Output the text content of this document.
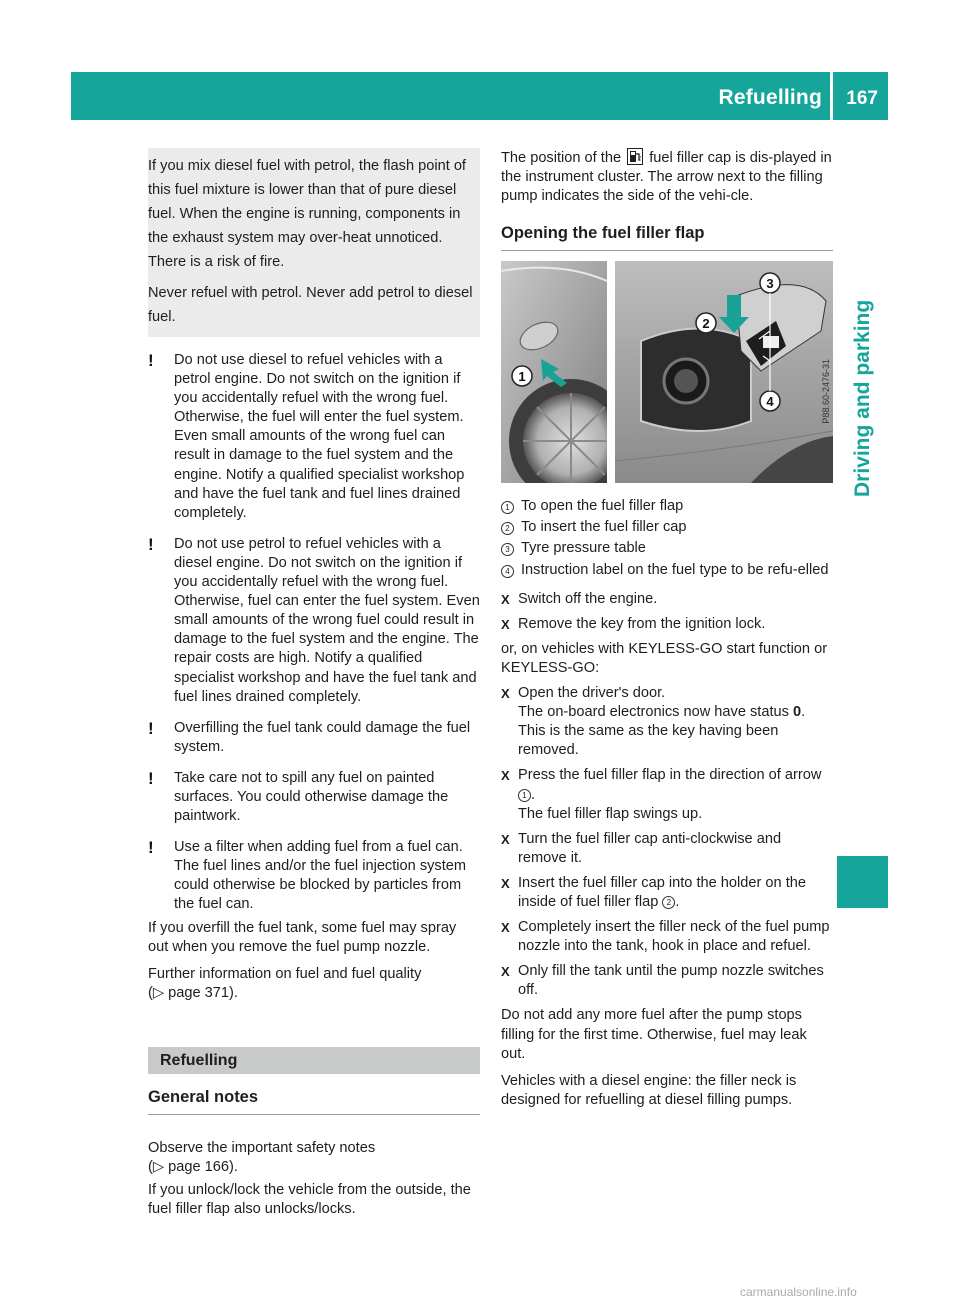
Refuelling 167
Driving and parking

If you mix diesel fuel with petrol, the flash point of this fuel mixture is lower than that of pure diesel fuel. When the engine is running, components in the exhaust system may over-heat unnoticed. There is a risk of fire.

Never refuel with petrol. Never add petrol to diesel fuel.

!	Do not use diesel to refuel vehicles with a petrol engine. Do not switch on the ignition if you accidentally refuel with the wrong fuel. Otherwise, the fuel will enter the fuel system. Even small amounts of the wrong fuel can result in damage to the fuel system and the engine. Notify a qualified specialist workshop and have the fuel tank and fuel lines drained completely.
!	Do not use petrol to refuel vehicles with a diesel engine. Do not switch on the ignition if you accidentally refuel with the wrong fuel. Otherwise, fuel can enter the fuel system. Even small amounts of the wrong fuel could result in damage to the fuel system and the engine. The repair costs are high. Notify a qualified specialist workshop and have the fuel tank and fuel lines drained completely.
!	Overfilling the fuel tank could damage the fuel system.
!	Take care not to spill any fuel on painted surfaces. You could otherwise damage the paintwork.
!	Use a filter when adding fuel from a fuel can. The fuel lines and/or the fuel injection system could otherwise be blocked by particles from the fuel can.

If you overfill the fuel tank, some fuel may spray out when you remove the fuel pump nozzle.

Further information on fuel and fuel quality
(▷ page 371).

Refuelling
General notes

Observe the important safety notes
(▷ page 166).

If you unlock/lock the vehicle from the outside, the fuel filler flap also unlocks/locks.

The position of the fuel filler cap is dis-played in the instrument cluster. The arrow next to the filling pump indicates the side of the vehi-cle.

Opening the fuel filler flap
1
2
3
4	P88.60-2476-31
1 To open the fuel filler flap
2 To insert the fuel filler cap
3 Tyre pressure table
4 Instruction label on the fuel type to be refu-elled
X Switch off the engine.
X Remove the key from the ignition lock.

or, on vehicles with KEYLESS-GO start function or KEYLESS-GO:

X Open the driver's door.
The on-board electronics now have status 0.
This is the same as the key having been removed.
X Press the fuel filler flap in the direction of arrow 1 .
The fuel filler flap swings up.
X Turn the fuel filler cap anti-clockwise and remove it.
X Insert the fuel filler cap into the holder on the inside of fuel filler flap 2 .
X Completely insert the filler neck of the fuel pump nozzle into the tank, hook in place and refuel.
X Only fill the tank until the pump nozzle switches off.

Do not add any more fuel after the pump stops filling for the first time. Otherwise, fuel may leak out.

Vehicles with a diesel engine: the filler neck is designed for refuelling at diesel filling pumps.

carmanualsonline.info
